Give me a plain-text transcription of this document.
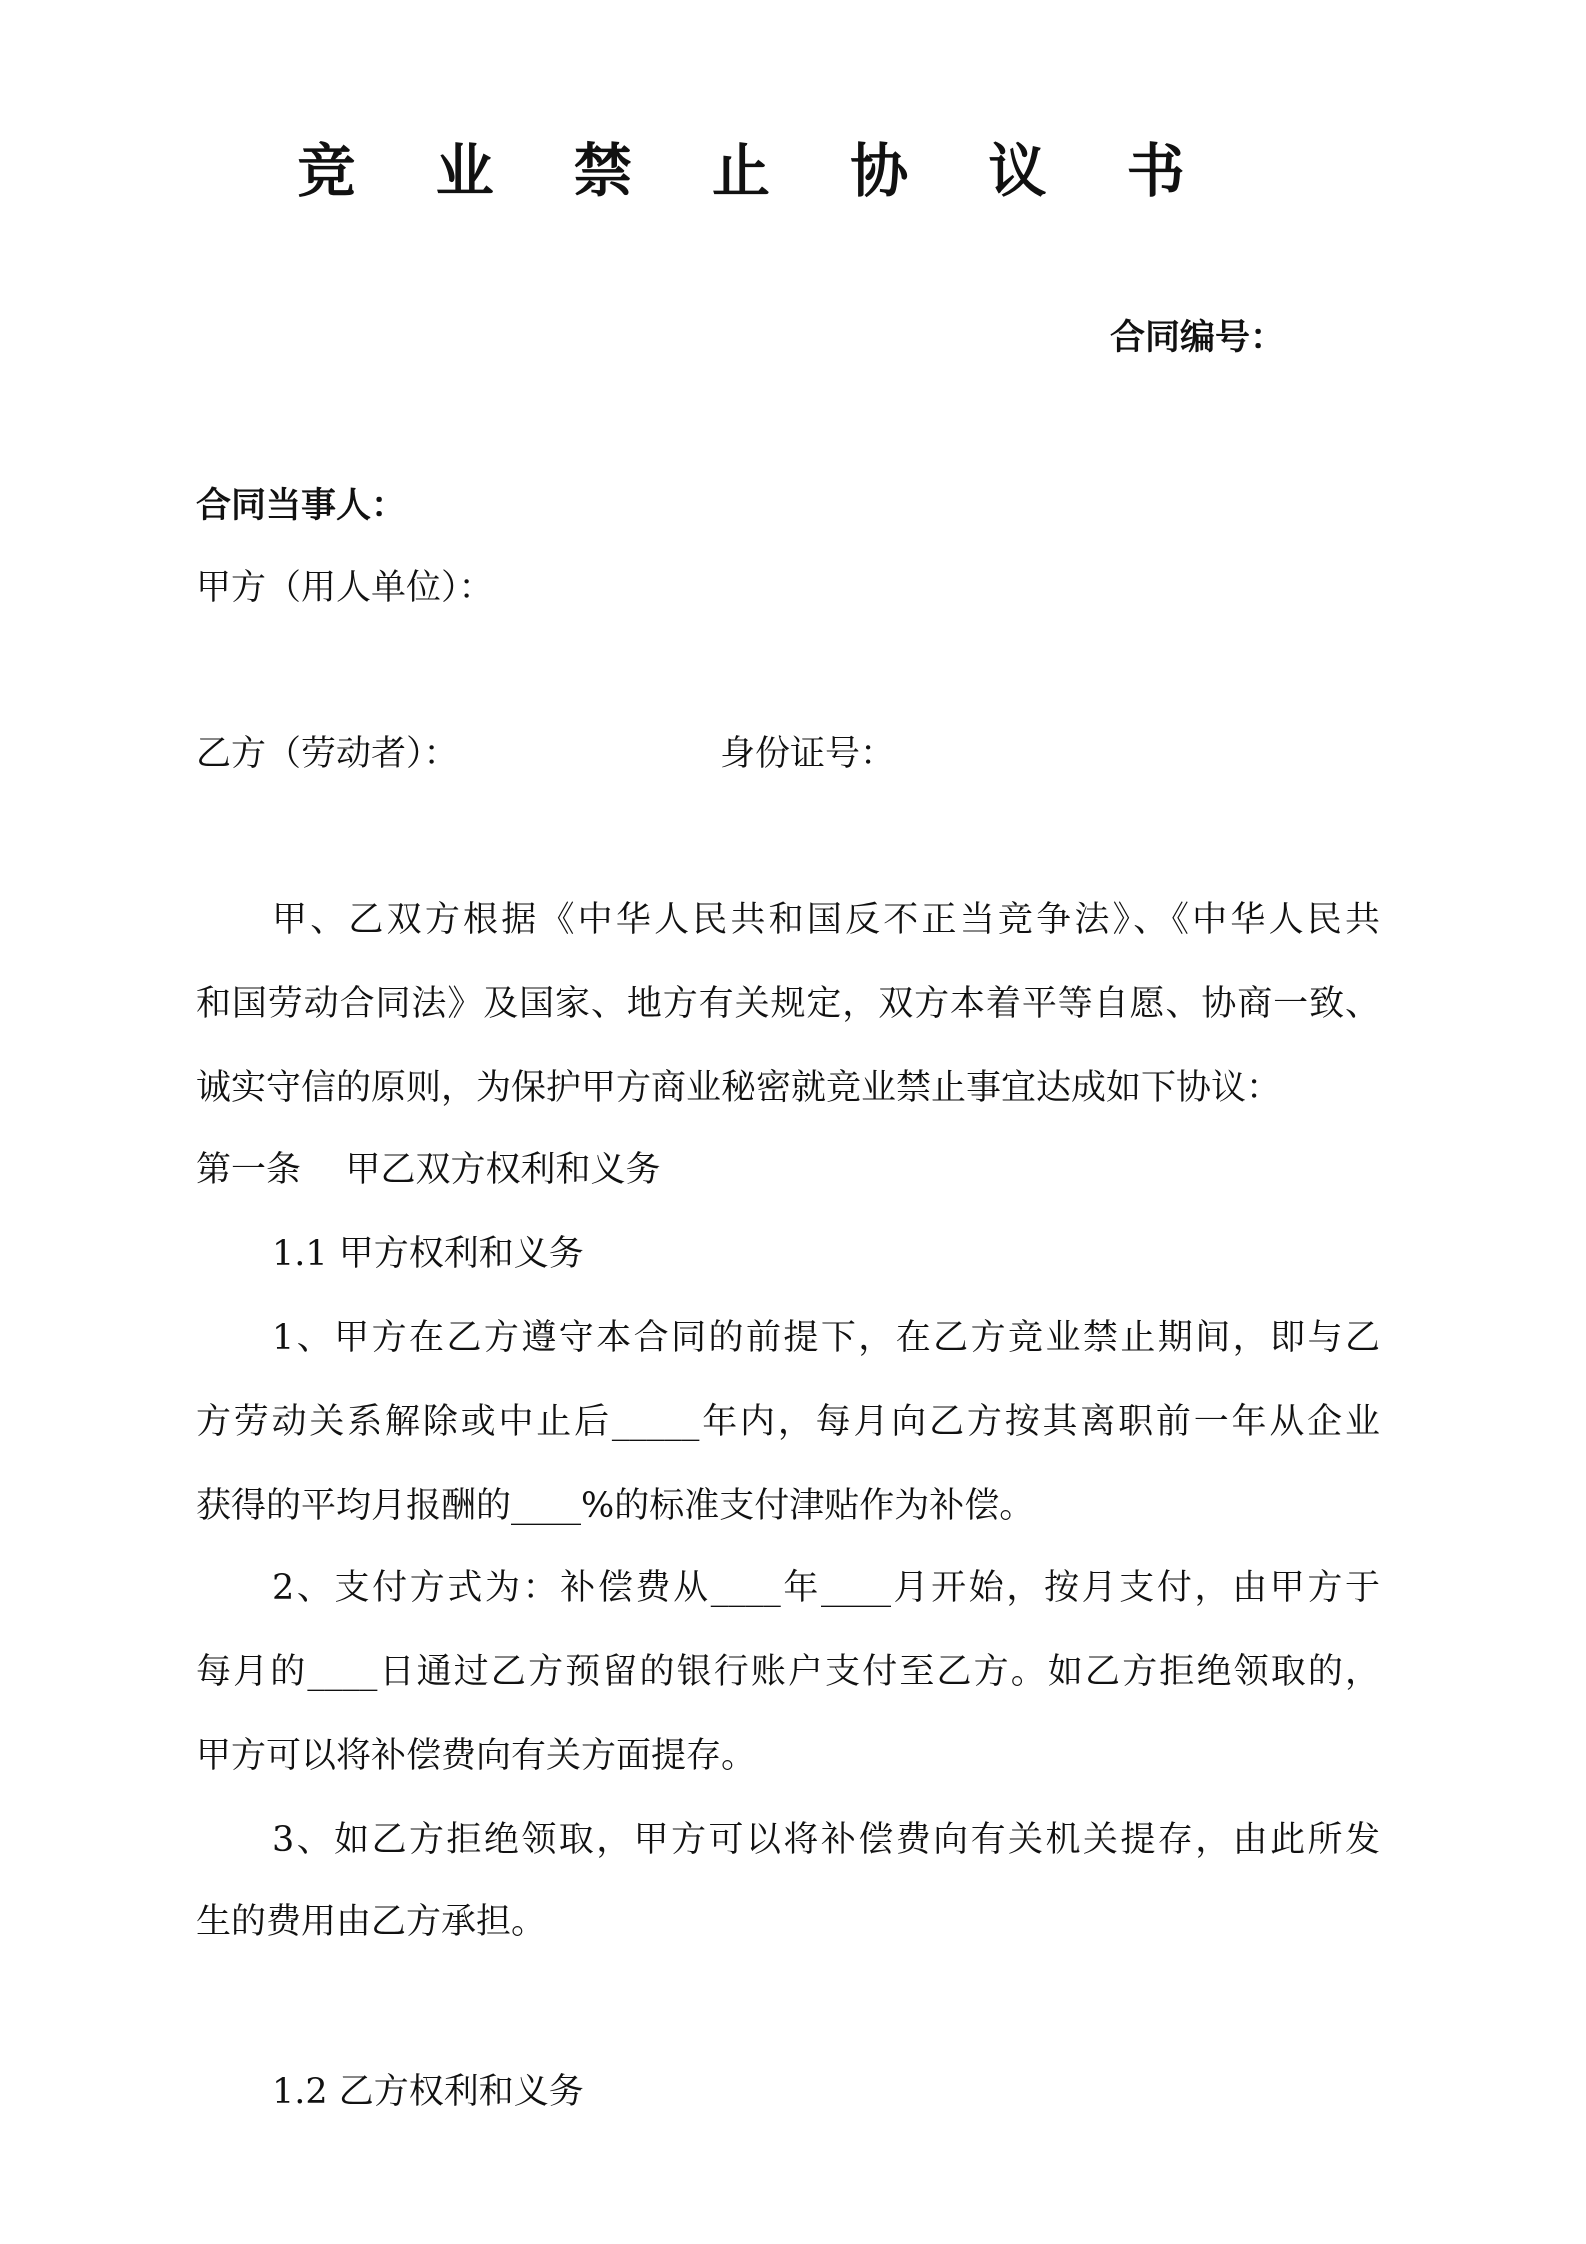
竞 业 禁 止 协 议 书
合同编号：
合同当事人：
甲方（用人单位）：
乙方（劳动者）：	身份证号：
甲、乙双方根据《中华人民共和国反不正当竞争法》、《中华人民共
和国劳动合同法》及国家、地方有关规定，双方本着平等自愿、协商一致、
诚实守信的原则，为保护甲方商业秘密就竞业禁止事宜达成如下协议：
第一条    甲乙双方权利和义务
1.1 甲方权利和义务
1、甲方在乙方遵守本合同的前提下，在乙方竞业禁止期间，即与乙
方劳动关系解除或中止后_____年内，每月向乙方按其离职前一年从企业
获得的平均月报酬的____%的标准支付津贴作为补偿。
2、支付方式为：补偿费从____年____月开始，按月支付，由甲方于
每月的____日通过乙方预留的银行账户支付至乙方。如乙方拒绝领取的，
甲方可以将补偿费向有关方面提存。
3、如乙方拒绝领取，甲方可以将补偿费向有关机关提存，由此所发
生的费用由乙方承担。
1.2 乙方权利和义务
